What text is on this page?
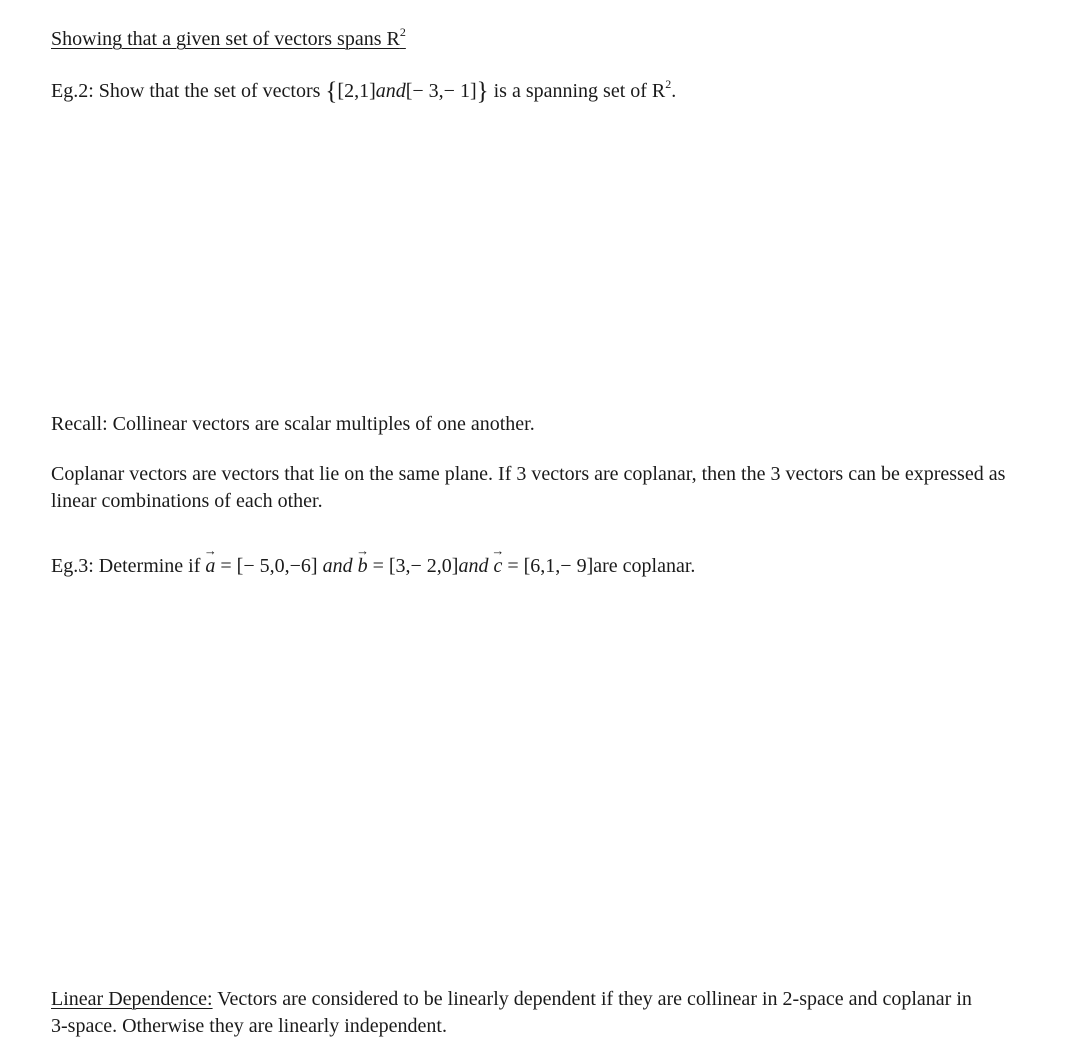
Showing that a given set of vectors spans $R^2$
Eg.2: Show that the set of vectors {[2,1]and[− 3,− 1]} is a spanning set of $R^2$.
Recall: Collinear vectors are scalar multiples of one another.
Coplanar vectors are vectors that lie on the same plane. If 3 vectors are coplanar, then the 3 vectors can be expressed as linear combinations of each other.
Eg.3: Determine if
→
a = [− 5,0,−6] and
→
b = [3,− 2,0]and
→
c = [6,1,− 9]are coplanar.
Linear Dependence: Vectors are considered to be linearly dependent if they are collinear in 2-space and coplanar in 3-space. Otherwise they are linearly independent.
